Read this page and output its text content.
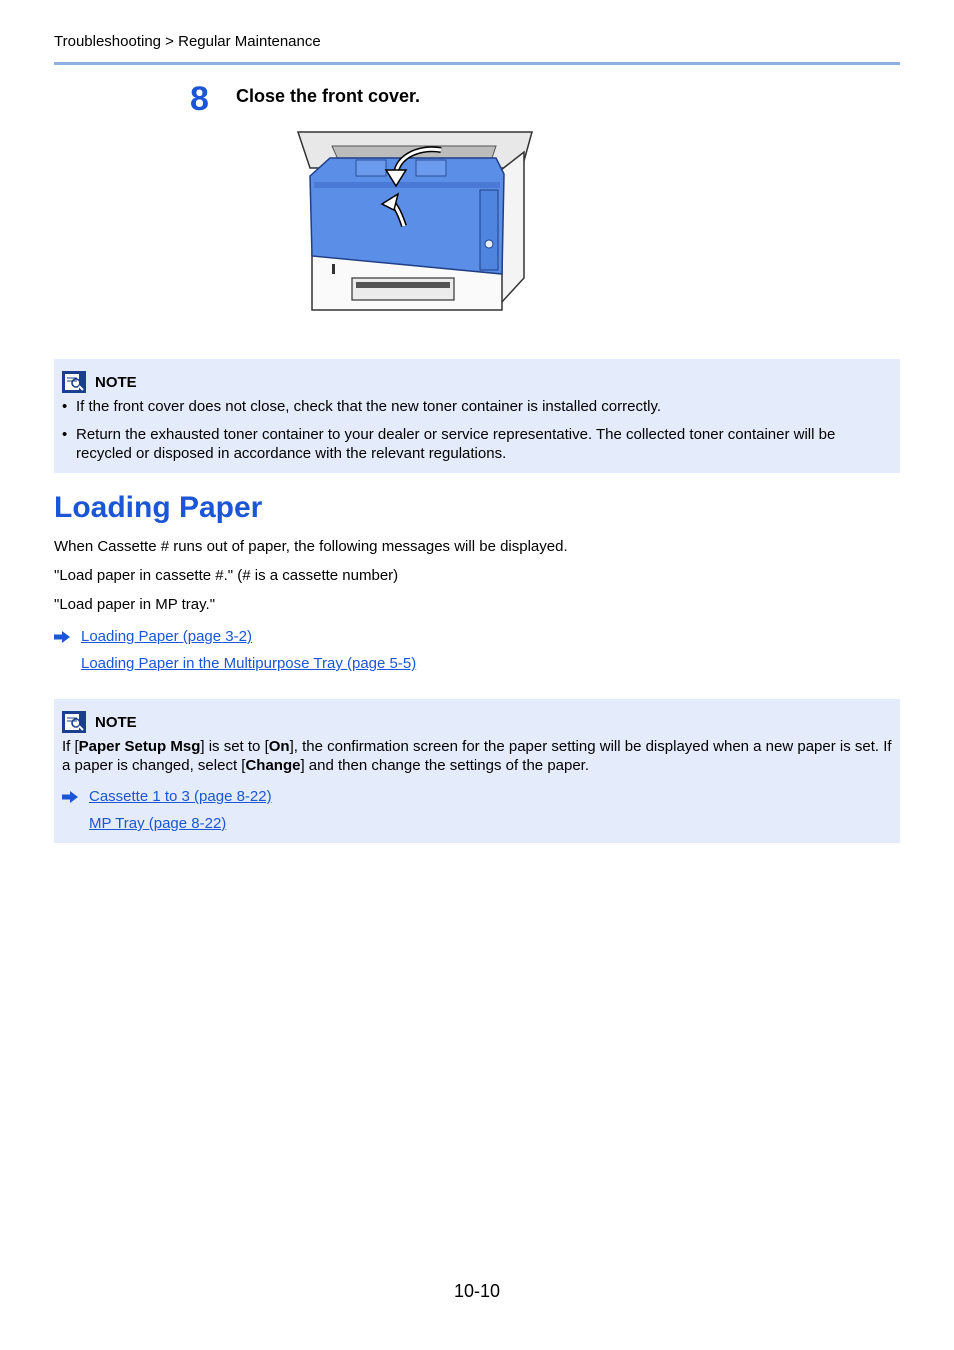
Troubleshooting > Regular Maintenance
8 Close the front cover.
NOTE
• If the front cover does not close, check that the new toner container is installed correctly.
• Return the exhausted toner container to your dealer or service representative. The collected toner container will be recycled or disposed in accordance with the relevant regulations.
Loading Paper
When Cassette # runs out of paper, the following messages will be displayed.
"Load paper in cassette #." (# is a cassette number)
"Load paper in MP tray."
Loading Paper (page 3-2)
Loading Paper in the Multipurpose Tray (page 5-5)
NOTE
If [Paper Setup Msg] is set to [On], the confirmation screen for the paper setting will be displayed when a new paper is set. If a paper is changed, select [Change] and then change the settings of the paper.
Cassette 1 to 3 (page 8-22)
MP Tray (page 8-22)
10-10
